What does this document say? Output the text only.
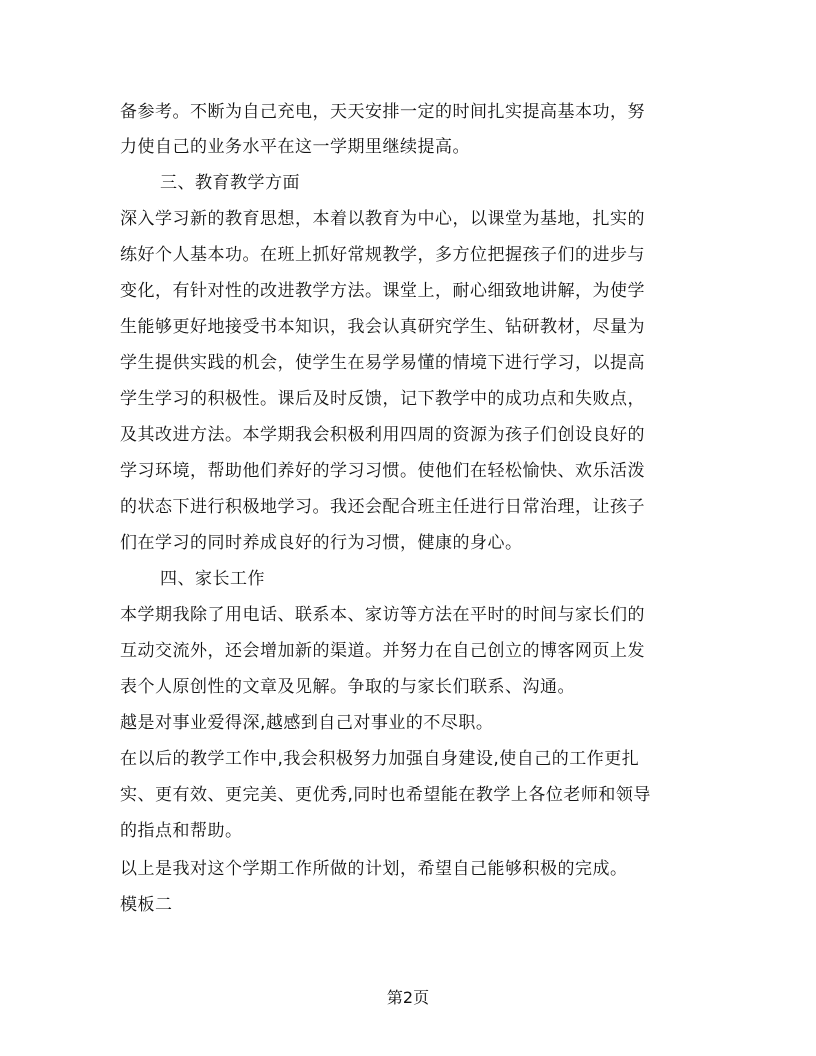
备参考。不断为自己充电，天天安排一定的时间扎实提高基本功，努
力使自己的业务水平在这一学期里继续提高。
三、教育教学方面
深入学习新的教育思想，本着以教育为中心，以课堂为基地，扎实的
练好个人基本功。在班上抓好常规教学，多方位把握孩子们的进步与
变化，有针对性的改进教学方法。课堂上，耐心细致地讲解，为使学
生能够更好地接受书本知识，我会认真研究学生、钻研教材，尽量为
学生提供实践的机会，使学生在易学易懂的情境下进行学习，以提高
学生学习的积极性。课后及时反馈，记下教学中的成功点和失败点，
及其改进方法。本学期我会积极利用四周的资源为孩子们创设良好的
学习环境，帮助他们养好的学习习惯。使他们在轻松愉快、欢乐活泼
的状态下进行积极地学习。我还会配合班主任进行日常治理，让孩子
们在学习的同时养成良好的行为习惯，健康的身心。
四、家长工作
本学期我除了用电话、联系本、家访等方法在平时的时间与家长们的
互动交流外，还会增加新的渠道。并努力在自己创立的博客网页上发
表个人原创性的文章及见解。争取的与家长们联系、沟通。
越是对事业爱得深,越感到自己对事业的不尽职。
在以后的教学工作中,我会积极努力加强自身建设,使自己的工作更扎
实、更有效、更完美、更优秀,同时也希望能在教学上各位老师和领导
的指点和帮助。
以上是我对这个学期工作所做的计划，希望自己能够积极的完成。
模板二
第2页
